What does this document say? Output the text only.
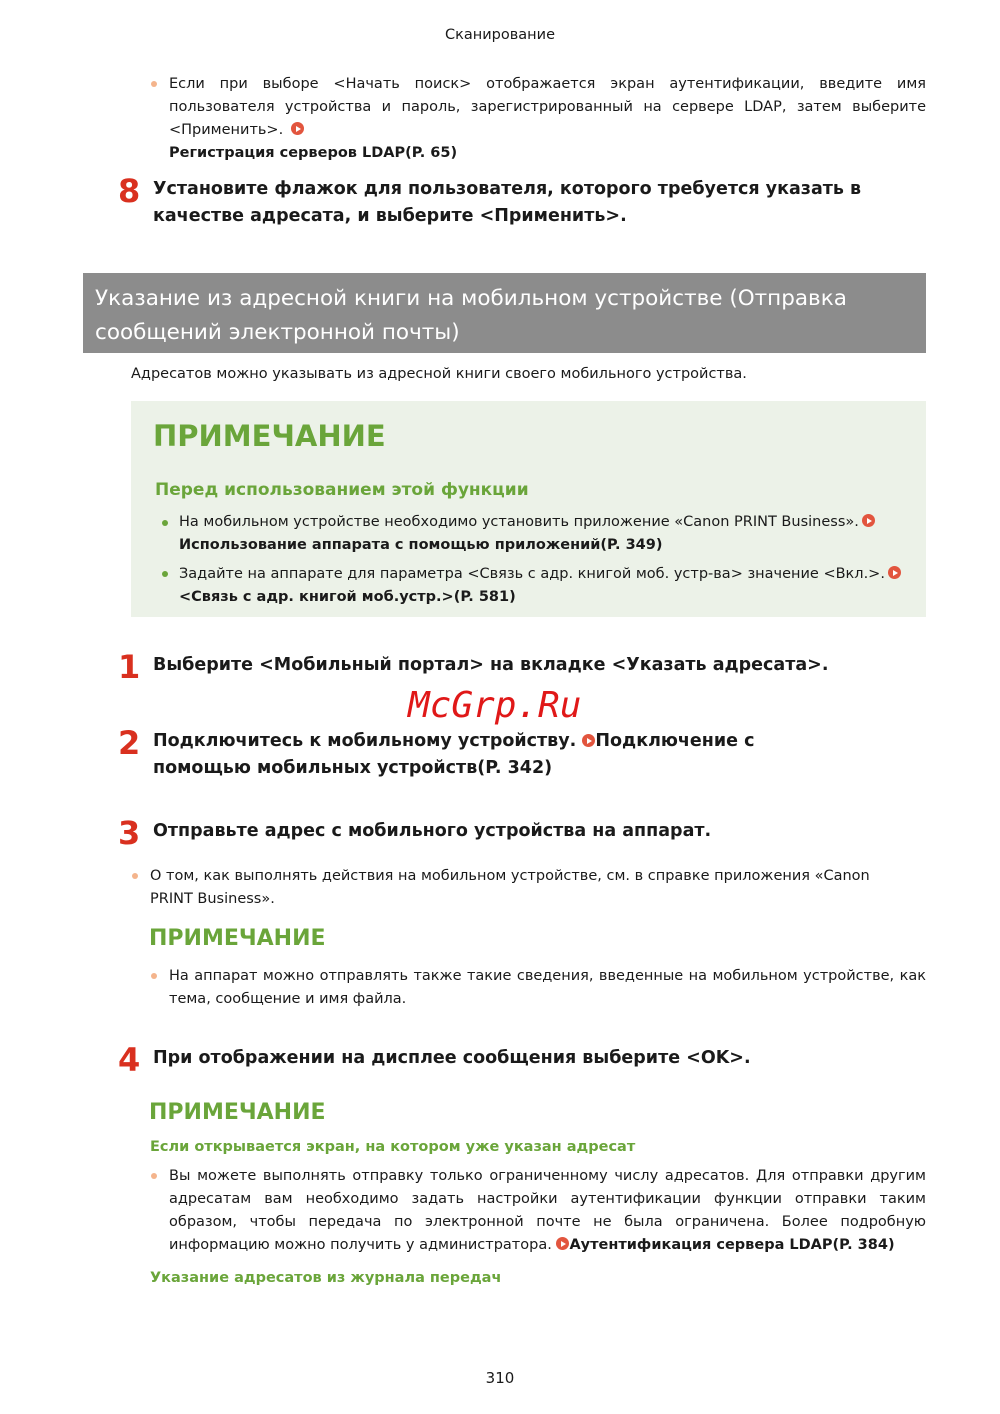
Сканирование
Если при выборе <Начать поиск> отображается экран аутентификации, введите имя пользователя устройства и пароль, зарегистрированный на сервере LDAP, затем выберите <Применить>.
Регистрация серверов LDAP(P. 65)
8 Установите флажок для пользователя, которого требуется указать в качестве адресата, и выберите <Применить>.
Указание из адресной книги на мобильном устройстве (Отправка сообщений электронной почты)
Адресатов можно указывать из адресной книги своего мобильного устройства.
ПРИМЕЧАНИЕ
Перед использованием этой функции
На мобильном устройстве необходимо установить приложение «Canon PRINT Business».
Использование аппарата с помощью приложений(P. 349)
Задайте на аппарате для параметра <Связь с адр. книгой моб. устр-ва> значение <Вкл.>.
<Связь с адр. книгой моб.устр.>(P. 581)
1 Выберите <Мобильный портал> на вкладке <Указать адресата>.
McGrp.Ru
2 Подключитесь к мобильному устройству. Подключение с помощью мобильных устройств(P. 342)
3 Отправьте адрес с мобильного устройства на аппарат.
О том, как выполнять действия на мобильном устройстве, см. в справке приложения «Canon PRINT Business».
ПРИМЕЧАНИЕ
На аппарат можно отправлять также такие сведения, введенные на мобильном устройстве, как тема, сообщение и имя файла.
4 При отображении на дисплее сообщения выберите <OK>.
ПРИМЕЧАНИЕ
Если открывается экран, на котором уже указан адресат
Вы можете выполнять отправку только ограниченному числу адресатов. Для отправки другим адресатам вам необходимо задать настройки аутентификации функции отправки таким образом, чтобы передача по электронной почте не была ограничена. Более подробную информацию можно получить у администратора. Аутентификация сервера LDAP(P. 384)
Указание адресатов из журнала передач
310
